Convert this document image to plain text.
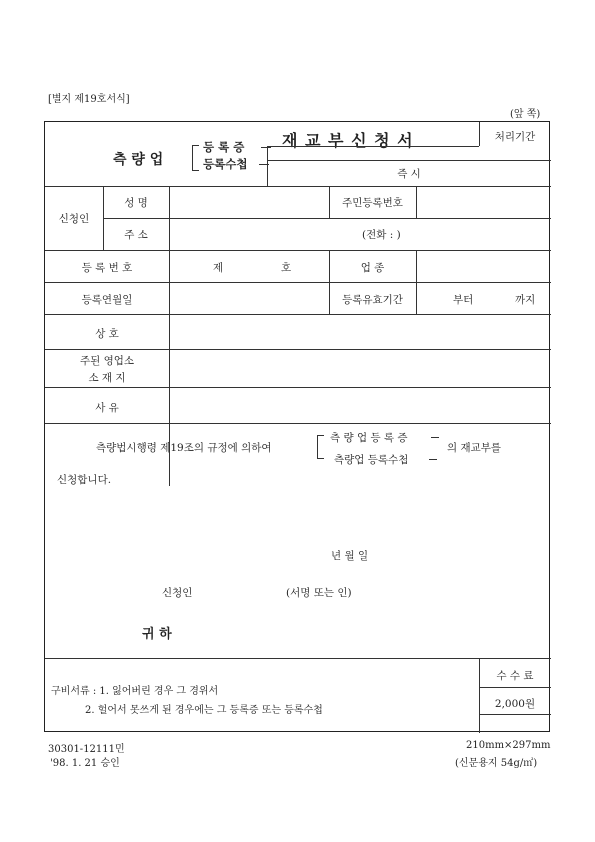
[별지 제19호서식]
(앞 쪽)
측 량 업
등 록 증
등록수첩
재 교 부 신 청 서	처리기간
즉 시
신청인
성 명	주민등록번호
주 소	(전화 : )
등 록 번 호	제	호	업 종
등록연월일	등록유효기간	부터	까지
상 호
주된 영업소
소 재 지
사 유
측량법시행령 제19조의 규정에 의하여
측 량 업 등 록 증
측량업 등록수첩
의 재교부를
신청합니다.
년 월 일
신청인	(서명 또는 인)
귀 하
구비서류 : 1. 잃어버린 경우 그 경위서
2. 헐어서 못쓰게 된 경우에는 그 등록증 또는 등록수첩
수 수 료
2,000원
30301-12111민
'98. 1. 21 승인
210mm×297mm
(신문용지 54g/㎡)
